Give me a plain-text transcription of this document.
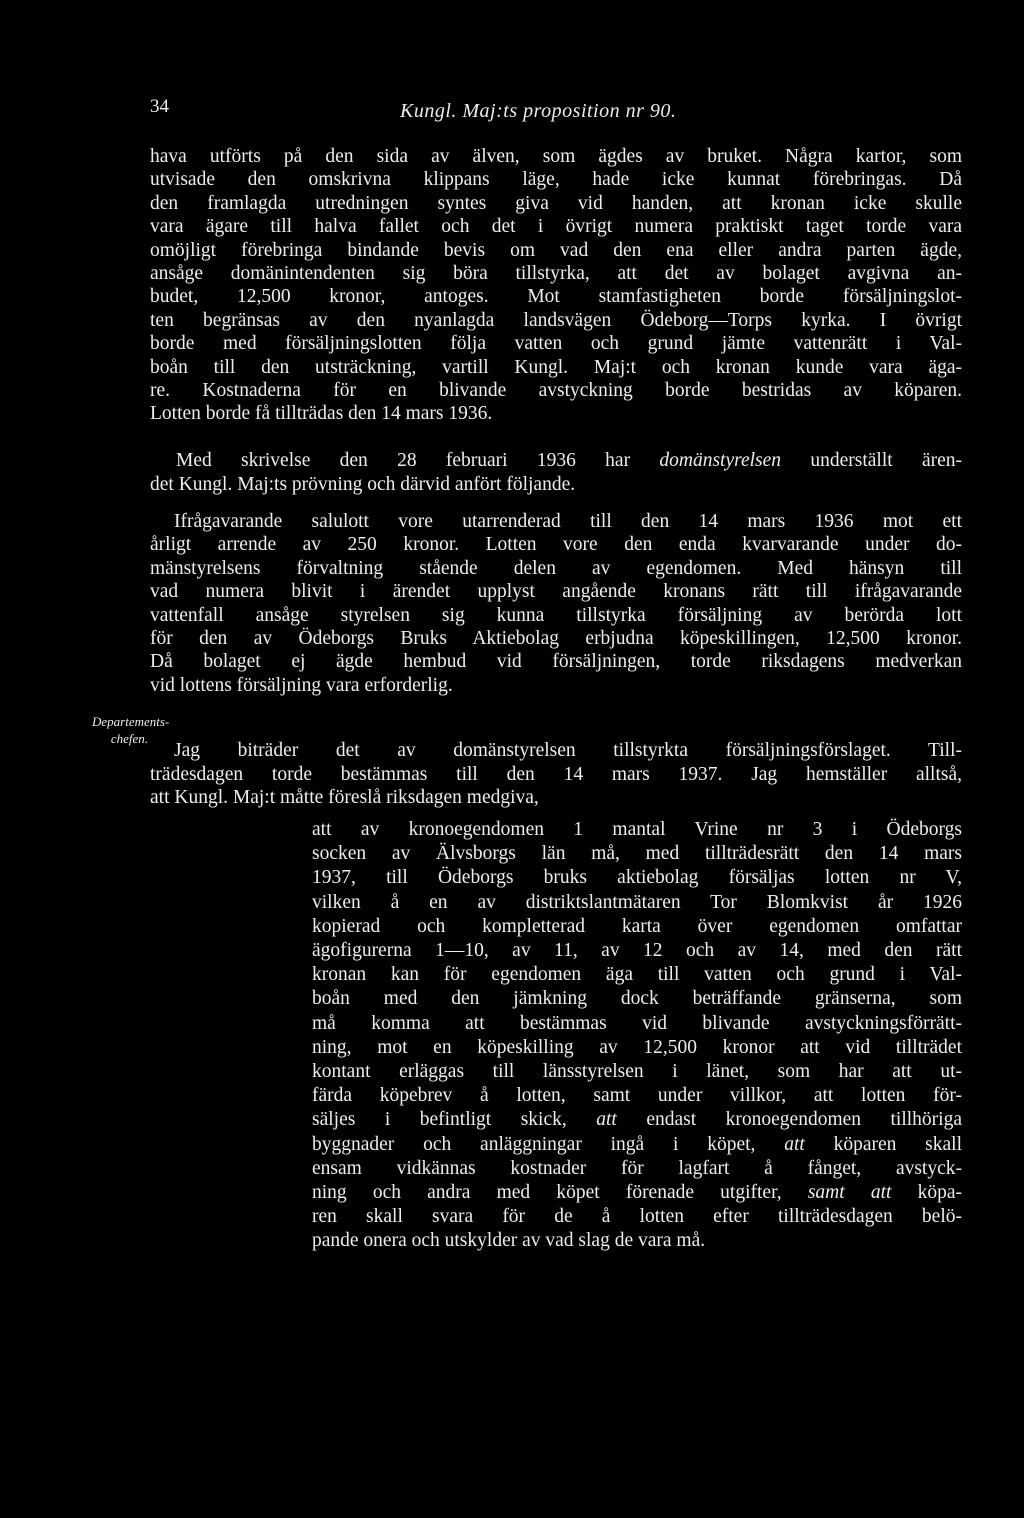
34	Kungl. Maj:ts proposition nr 90.
hava utförts på den sida av älven, som ägdes av bruket. Några kartor, som
utvisade den omskrivna klippans läge, hade icke kunnat förebringas. Då
den framlagda utredningen syntes giva vid handen, att kronan icke skulle
vara ägare till halva fallet och det i övrigt numera praktiskt taget torde vara
omöjligt förebringa bindande bevis om vad den ena eller andra parten ägde,
ansåge domänintendenten sig böra tillstyrka, att det av bolaget avgivna an-
budet, 12,500 kronor, antoges. Mot stamfastigheten borde försäljningslot-
ten begränsas av den nyanlagda landsvägen Ödeborg—Torps kyrka. I övrigt
borde med försäljningslotten följa vatten och grund jämte vattenrätt i Val-
boån till den utsträckning, vartill Kungl. Maj:t och kronan kunde vara äga-
re. Kostnaderna för en blivande avstyckning borde bestridas av köparen.
Lotten borde få tillträdas den 14 mars 1936.
Med skrivelse den 28 februari 1936 har domänstyrelsen underställt ären-
det Kungl. Maj:ts prövning och därvid anfört följande.
Ifrågavarande salulott vore utarrenderad till den 14 mars 1936 mot ett
årligt arrende av 250 kronor. Lotten vore den enda kvarvarande under do-
mänstyrelsens förvaltning stående delen av egendomen. Med hänsyn till
vad numera blivit i ärendet upplyst angående kronans rätt till ifrågavarande
vattenfall ansåge styrelsen sig kunna tillstyrka försäljning av berörda lott
för den av Ödeborgs Bruks Aktiebolag erbjudna köpeskillingen, 12,500 kronor.
Då bolaget ej ägde hembud vid försäljningen, torde riksdagens medverkan
vid lottens försäljning vara erforderlig.
Departements-
chefen.
Jag biträder det av domänstyrelsen tillstyrkta försäljningsförslaget. Till-
trädesdagen torde bestämmas till den 14 mars 1937. Jag hemställer alltså,
att Kungl. Maj:t måtte föreslå riksdagen medgiva,
att av kronoegendomen 1 mantal Vrine nr 3 i Ödeborgs
socken av Älvsborgs län må, med tillträdesrätt den 14 mars
1937, till Ödeborgs bruks aktiebolag försäljas lotten nr V,
vilken å en av distriktslantmätaren Tor Blomkvist år 1926
kopierad och kompletterad karta över egendomen omfattar
ägofigurerna 1—10, av 11, av 12 och av 14, med den rätt
kronan kan för egendomen äga till vatten och grund i Val-
boån med den jämkning dock beträffande gränserna, som
må komma att bestämmas vid blivande avstyckningsförrätt-
ning, mot en köpeskilling av 12,500 kronor att vid tillträdet
kontant erläggas till länsstyrelsen i länet, som har att ut-
färda köpebrev å lotten, samt under villkor, att lotten för-
säljes i befintligt skick, att endast kronoegendomen tillhöriga
byggnader och anläggningar ingå i köpet, att köparen skall
ensam vidkännas kostnader för lagfart å fånget, avstyck-
ning och andra med köpet förenade utgifter, samt att köpa-
ren skall svara för de å lotten efter tillträdesdagen belö-
pande onera och utskylder av vad slag de vara må.
